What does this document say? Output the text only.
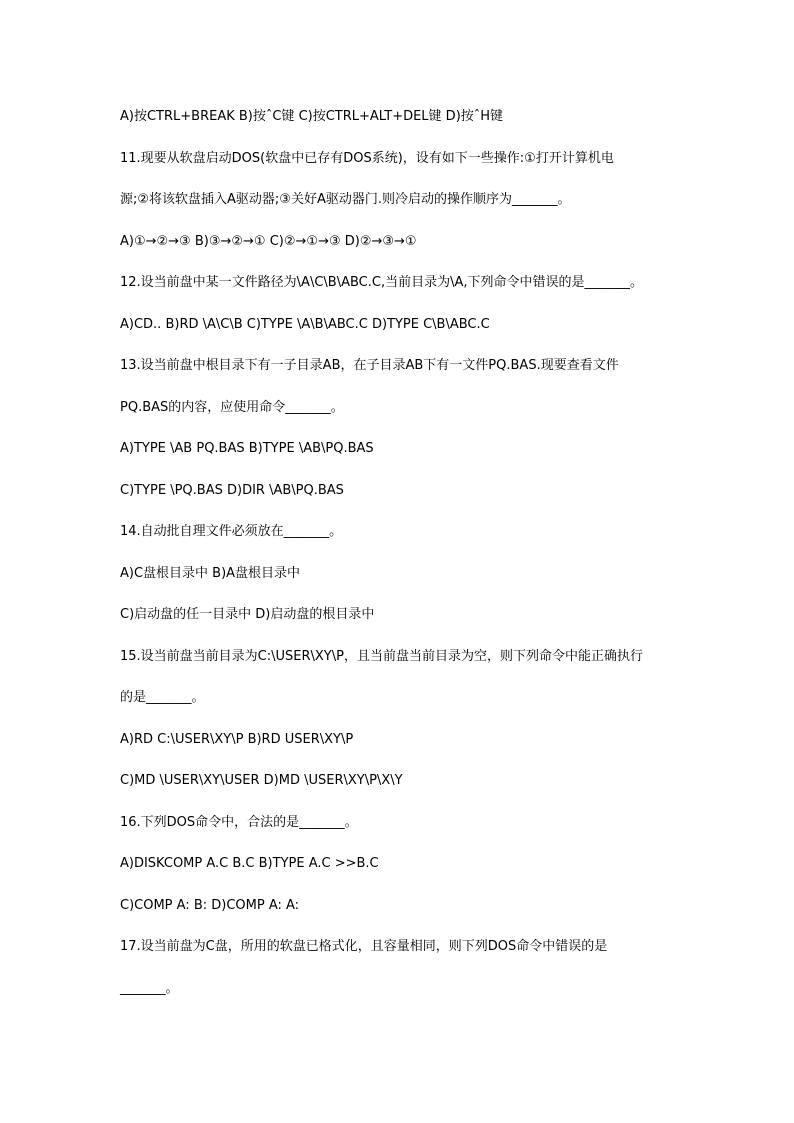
A)按CTRL+BREAK B)按ˆC键 C)按CTRL+ALT+DEL键 D)按ˆH键
11.现要从软盘启动DOS(软盘中已存有DOS系统)，设有如下一些操作:①打开计算机电
源;②将该软盘插入A驱动器;③关好A驱动器门.则冷启动的操作顺序为_______。
A)①→②→③ B)③→②→① C)②→①→③ D)②→③→①
12.设当前盘中某一文件路径为\A\C\B\ABC.C,当前目录为\A,下列命令中错误的是_______。
A)CD.. B)RD \A\C\B C)TYPE \A\B\ABC.C D)TYPE C\B\ABC.C
13.设当前盘中根目录下有一子目录AB，在子目录AB下有一文件PQ.BAS.现要查看文件
PQ.BAS的内容，应使用命令_______。
A)TYPE \AB PQ.BAS B)TYPE \AB\PQ.BAS
C)TYPE \PQ.BAS D)DIR \AB\PQ.BAS
14.自动批自理文件必须放在_______。
A)C盘根目录中 B)A盘根目录中
C)启动盘的任一目录中 D)启动盘的根目录中
15.设当前盘当前目录为C:\USER\XY\P，且当前盘当前目录为空，则下列命令中能正确执行
的是_______。
A)RD C:\USER\XY\P B)RD USER\XY\P
C)MD \USER\XY\USER D)MD \USER\XY\P\X\Y
16.下列DOS命令中，合法的是_______。
A)DISKCOMP A.C B.C B)TYPE A.C >>B.C
C)COMP A: B: D)COMP A: A:
17.设当前盘为C盘，所用的软盘已格式化，且容量相同，则下列DOS命令中错误的是
_______。
